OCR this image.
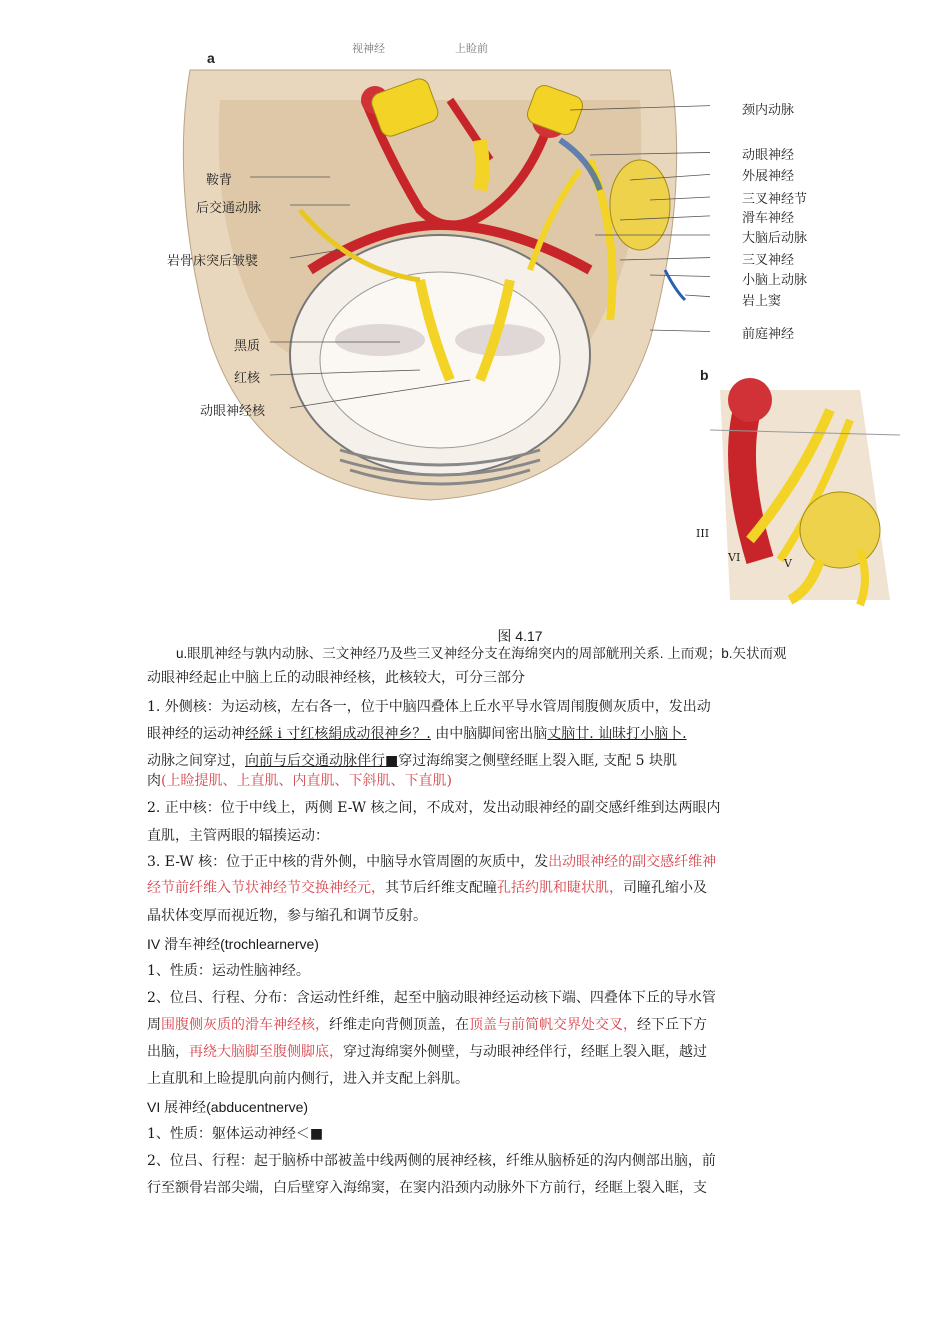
a
视神经	上睑前
颈内动脉
动眼神经
外展神经
三叉神经节
滑车神经
大脑后动脉
三叉神经
小脑上动脉
岩上窦
前庭神经
鞍背
后交通动脉
岩骨床突后皱襞
黑质
红核
动眼神经核
b
III
VI	V
图 4.17
u.眼肌神经与孰内动脉、三文神经乃及些三叉神经分支在海绵突内的周部觥刑关系. 上而观；b.矢状而观
动眼神经起止中脑上丘的动眼神经核，此核较大，可分三部分
1. 外侧核：为运动核，左右各一，位于中脑四叠体上丘水平导水管周闱腹侧灰质中，发出动
眼神经的运动神经綵 i 寸红核絹成动很神乡？. 由中脑脚间密出脑丈脑廿. 讪昧打小脑卜.
动脉之间穿过，向前与后交通动脉伴行■穿过海绵窦之侧壁经眶上裂入眶, 支配 5 块肌
肉(上睑提肌、上直肌、内直肌、下斜肌、下直肌)
2. 正中核：位于中线上，两侧 E-W 核之间，不成对，发出动眼神经的副交感纤维到达两眼内
直肌，主管两眼的辐揍运动：
3. E-W 核：位于正中核的背外侧，中脑导水管周圏的灰质中，发出动眼神经的副交感纤维神
经节前纤维入节状神经节交换神经元，其节后纤维支配瞳孔括约肌和睫状肌，司瞳孔缩小及
晶状体变厚而视近物，参与缩孔和调节反射。
IV 滑车神经(trochlearnerve)
1、性质：运动性脑神经。
2、位吕、行程、分布：含运动性纤维，起至中脑动眼神经运动核下端、四叠体下丘的导水管
周围腹侧灰质的滑车神经核，纤维走向背侧顶盖，在顶盖与前简帆交界处交叉，经下丘下方
出脑，再绕大脑脚至腹侧脚底，穿过海绵窦外侧壁，与动眼神经伴行，经眶上裂入眶，越过
上直肌和上睑提肌向前内侧行，进入并支配上斜肌。
VI 展神经(abducentnerve)
1、性质：躯体运动神经＜■
2、位吕、行程：起于脑桥中部被盖中线两侧的展神经核，纤维从脑桥延的沟内侧部出脑，前
行至额骨岩部尖端，白后壁穿入海绵窦，在窦内沿颈内动脉外下方前行，经眶上裂入眶，支
